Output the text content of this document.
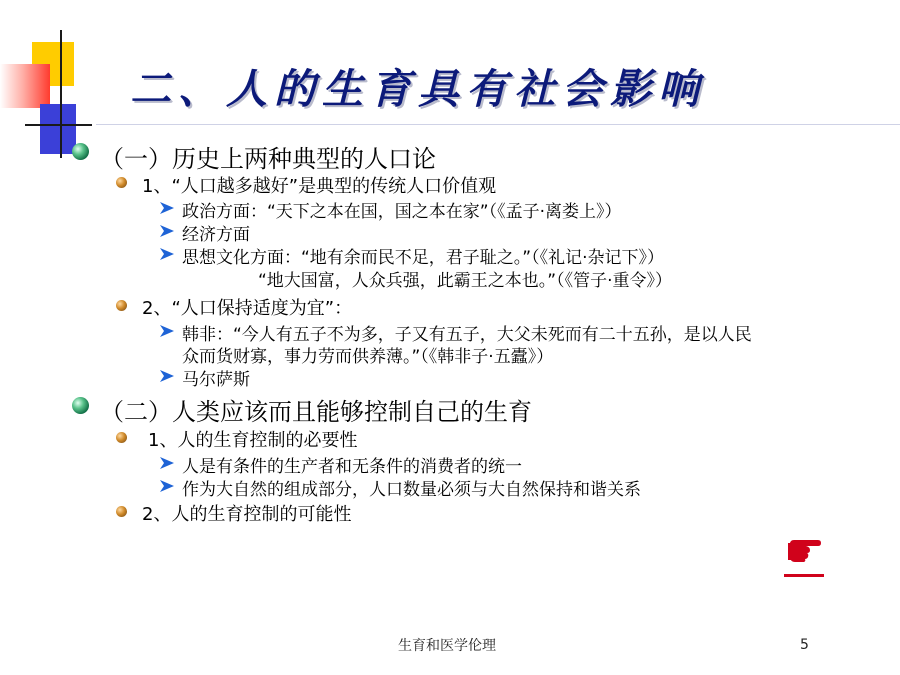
二、人的生育具有社会影响
（一）历史上两种典型的人口论
1、“人口越多越好”是典型的传统人口价值观
政治方面：“天下之本在国，国之本在家”（《孟子·离娄上》）
经济方面
思想文化方面：“地有余而民不足，君子耻之。”（《礼记·杂记下》）
“地大国富，人众兵强，此霸王之本也。”（《管子·重令》）
2、“人口保持适度为宜”：
韩非：“今人有五子不为多，子又有五子，大父未死而有二十五孙，是以人民
众而货财寡，事力劳而供养薄。”（《韩非子·五蠹》）
马尔萨斯
（二）人类应该而且能够控制自己的生育
1、人的生育控制的必要性
人是有条件的生产者和无条件的消费者的统一
作为大自然的组成部分，人口数量必须与大自然保持和谐关系
2、人的生育控制的可能性
生育和医学伦理	5
